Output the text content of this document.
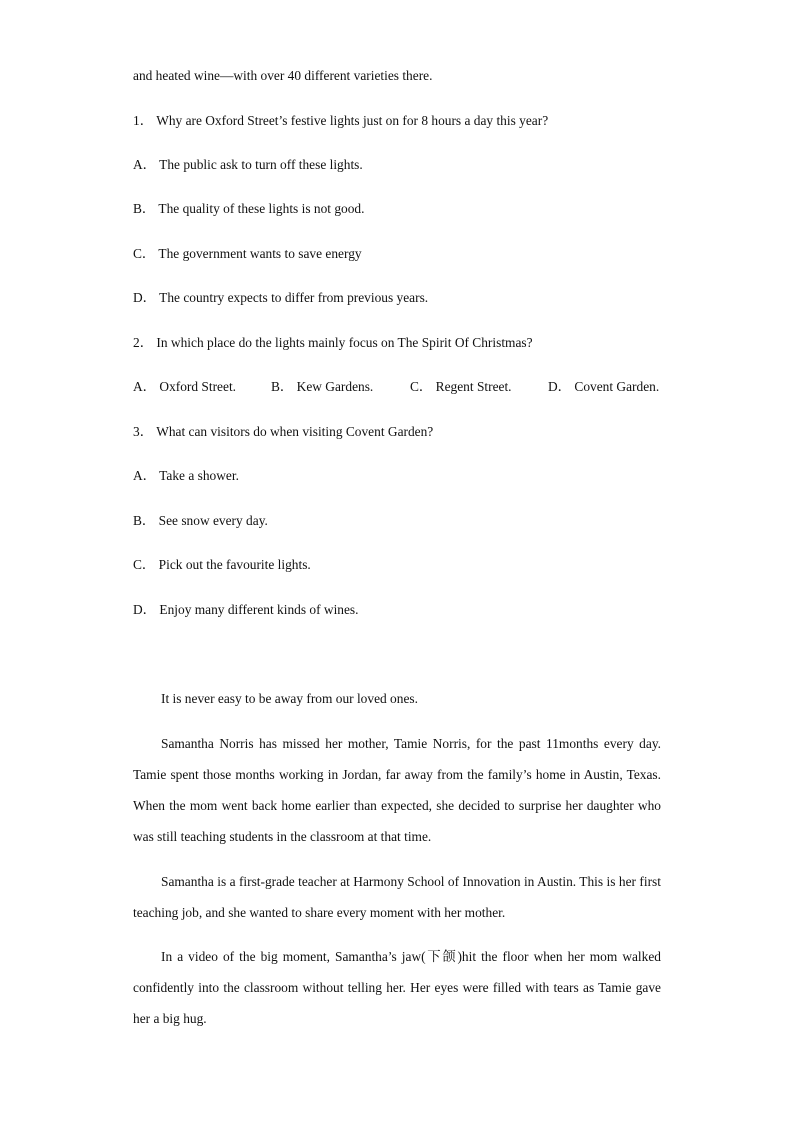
and heated wine—with over 40 different varieties there.
1． Why are Oxford Street’s festive lights just on for 8 hours a day this year?
A． The public ask to turn off these lights.
B． The quality of these lights is not good.
C． The government wants to save energy
D． The country expects to differ from previous years.
2． In which place do the lights mainly focus on The Spirit Of Christmas?
A． Oxford Street.	B． Kew Gardens.	C． Regent Street.	D． Covent Garden.
3． What can visitors do when visiting Covent Garden?
A． Take a shower.
B． See snow every day.
C． Pick out the favourite lights.
D． Enjoy many different kinds of wines.

It is never easy to be away from our loved ones.

Samantha Norris has missed her mother, Tamie Norris, for the past 11months every day. Tamie spent those months working in Jordan, far away from the family’s home in Austin, Texas. When the mom went back home earlier than expected, she decided to surprise her daughter who was still teaching students in the classroom at that time.

Samantha is a first-grade teacher at Harmony School of Innovation in Austin. This is her first teaching job, and she wanted to share every moment with her mother.

In a video of the big moment, Samantha’s jaw(下颌)hit the floor when her mom walked confidently into the classroom without telling her. Her eyes were filled with tears as Tamie gave her a big hug.
